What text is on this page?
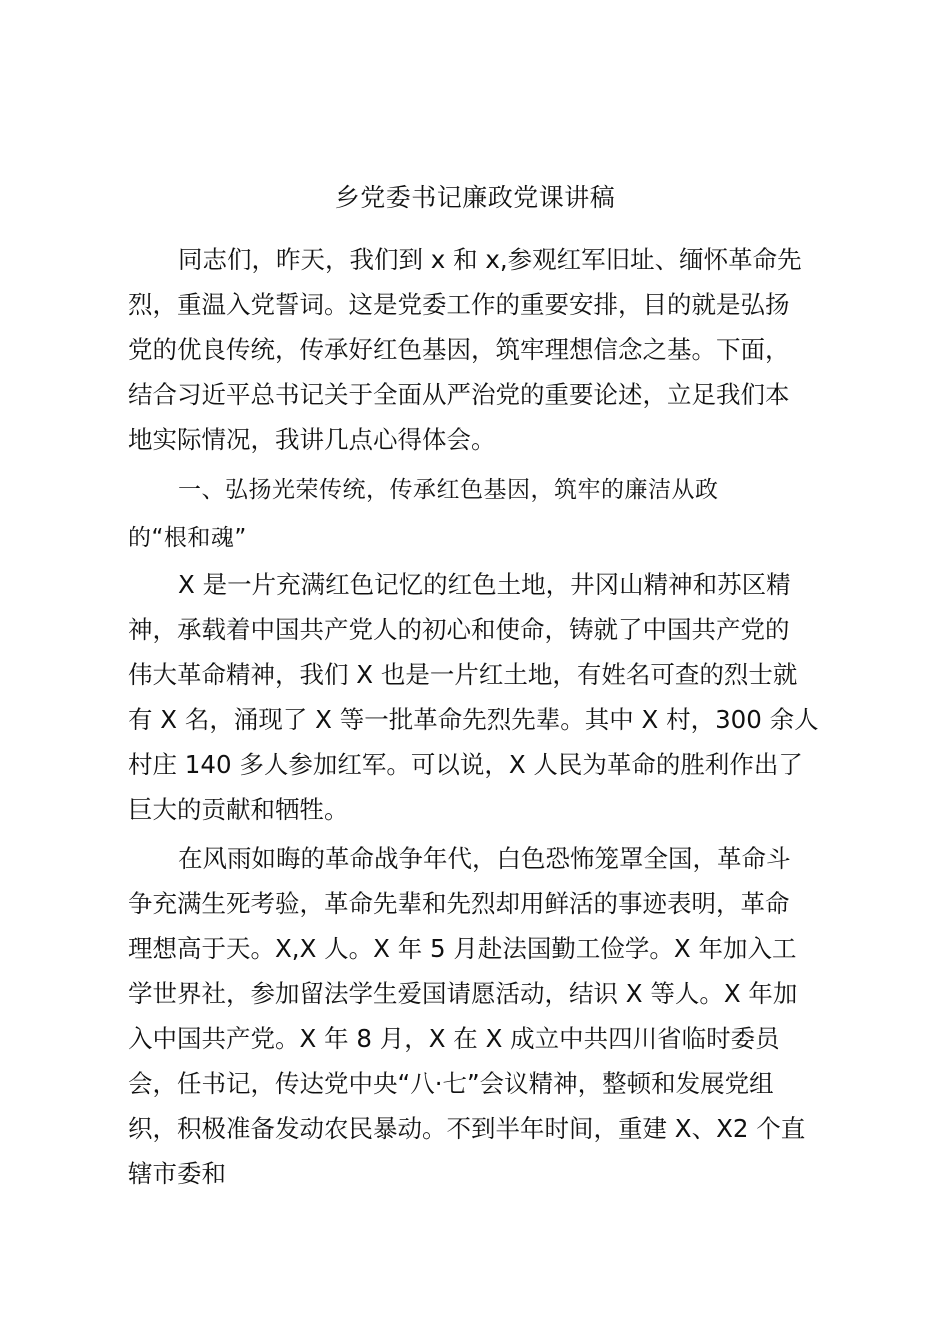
乡党委书记廉政党课讲稿
同志们，昨天，我们到 x 和 x,参观红军旧址、缅怀革命先
烈，重温入党誓词。这是党委工作的重要安排，目的就是弘扬
党的优良传统，传承好红色基因，筑牢理想信念之基。下面，
结合习近平总书记关于全面从严治党的重要论述，立足我们本
地实际情况，我讲几点心得体会。
一、弘扬光荣传统，传承红色基因，筑牢的廉洁从政
的“根和魂”
X 是一片充满红色记忆的红色土地，井冈山精神和苏区精
神，承载着中国共产党人的初心和使命，铸就了中国共产党的
伟大革命精神，我们 X 也是一片红土地，有姓名可查的烈士就
有 X 名，涌现了 X 等一批革命先烈先辈。其中 X 村，300 余人
村庄 140 多人参加红军。可以说，X 人民为革命的胜利作出了
巨大的贡献和牺牲。
在风雨如晦的革命战争年代，白色恐怖笼罩全国，革命斗
争充满生死考验，革命先辈和先烈却用鲜活的事迹表明，革命
理想高于天。X,X 人。X 年 5 月赴法国勤工俭学。X 年加入工
学世界社，参加留法学生爱国请愿活动，结识 X 等人。X 年加
入中国共产党。X 年 8 月，X 在 X 成立中共四川省临时委员
会，任书记，传达党中央“八·七”会议精神，整顿和发展党组
织，积极准备发动农民暴动。不到半年时间，重建 X、X2 个直
辖市委和
